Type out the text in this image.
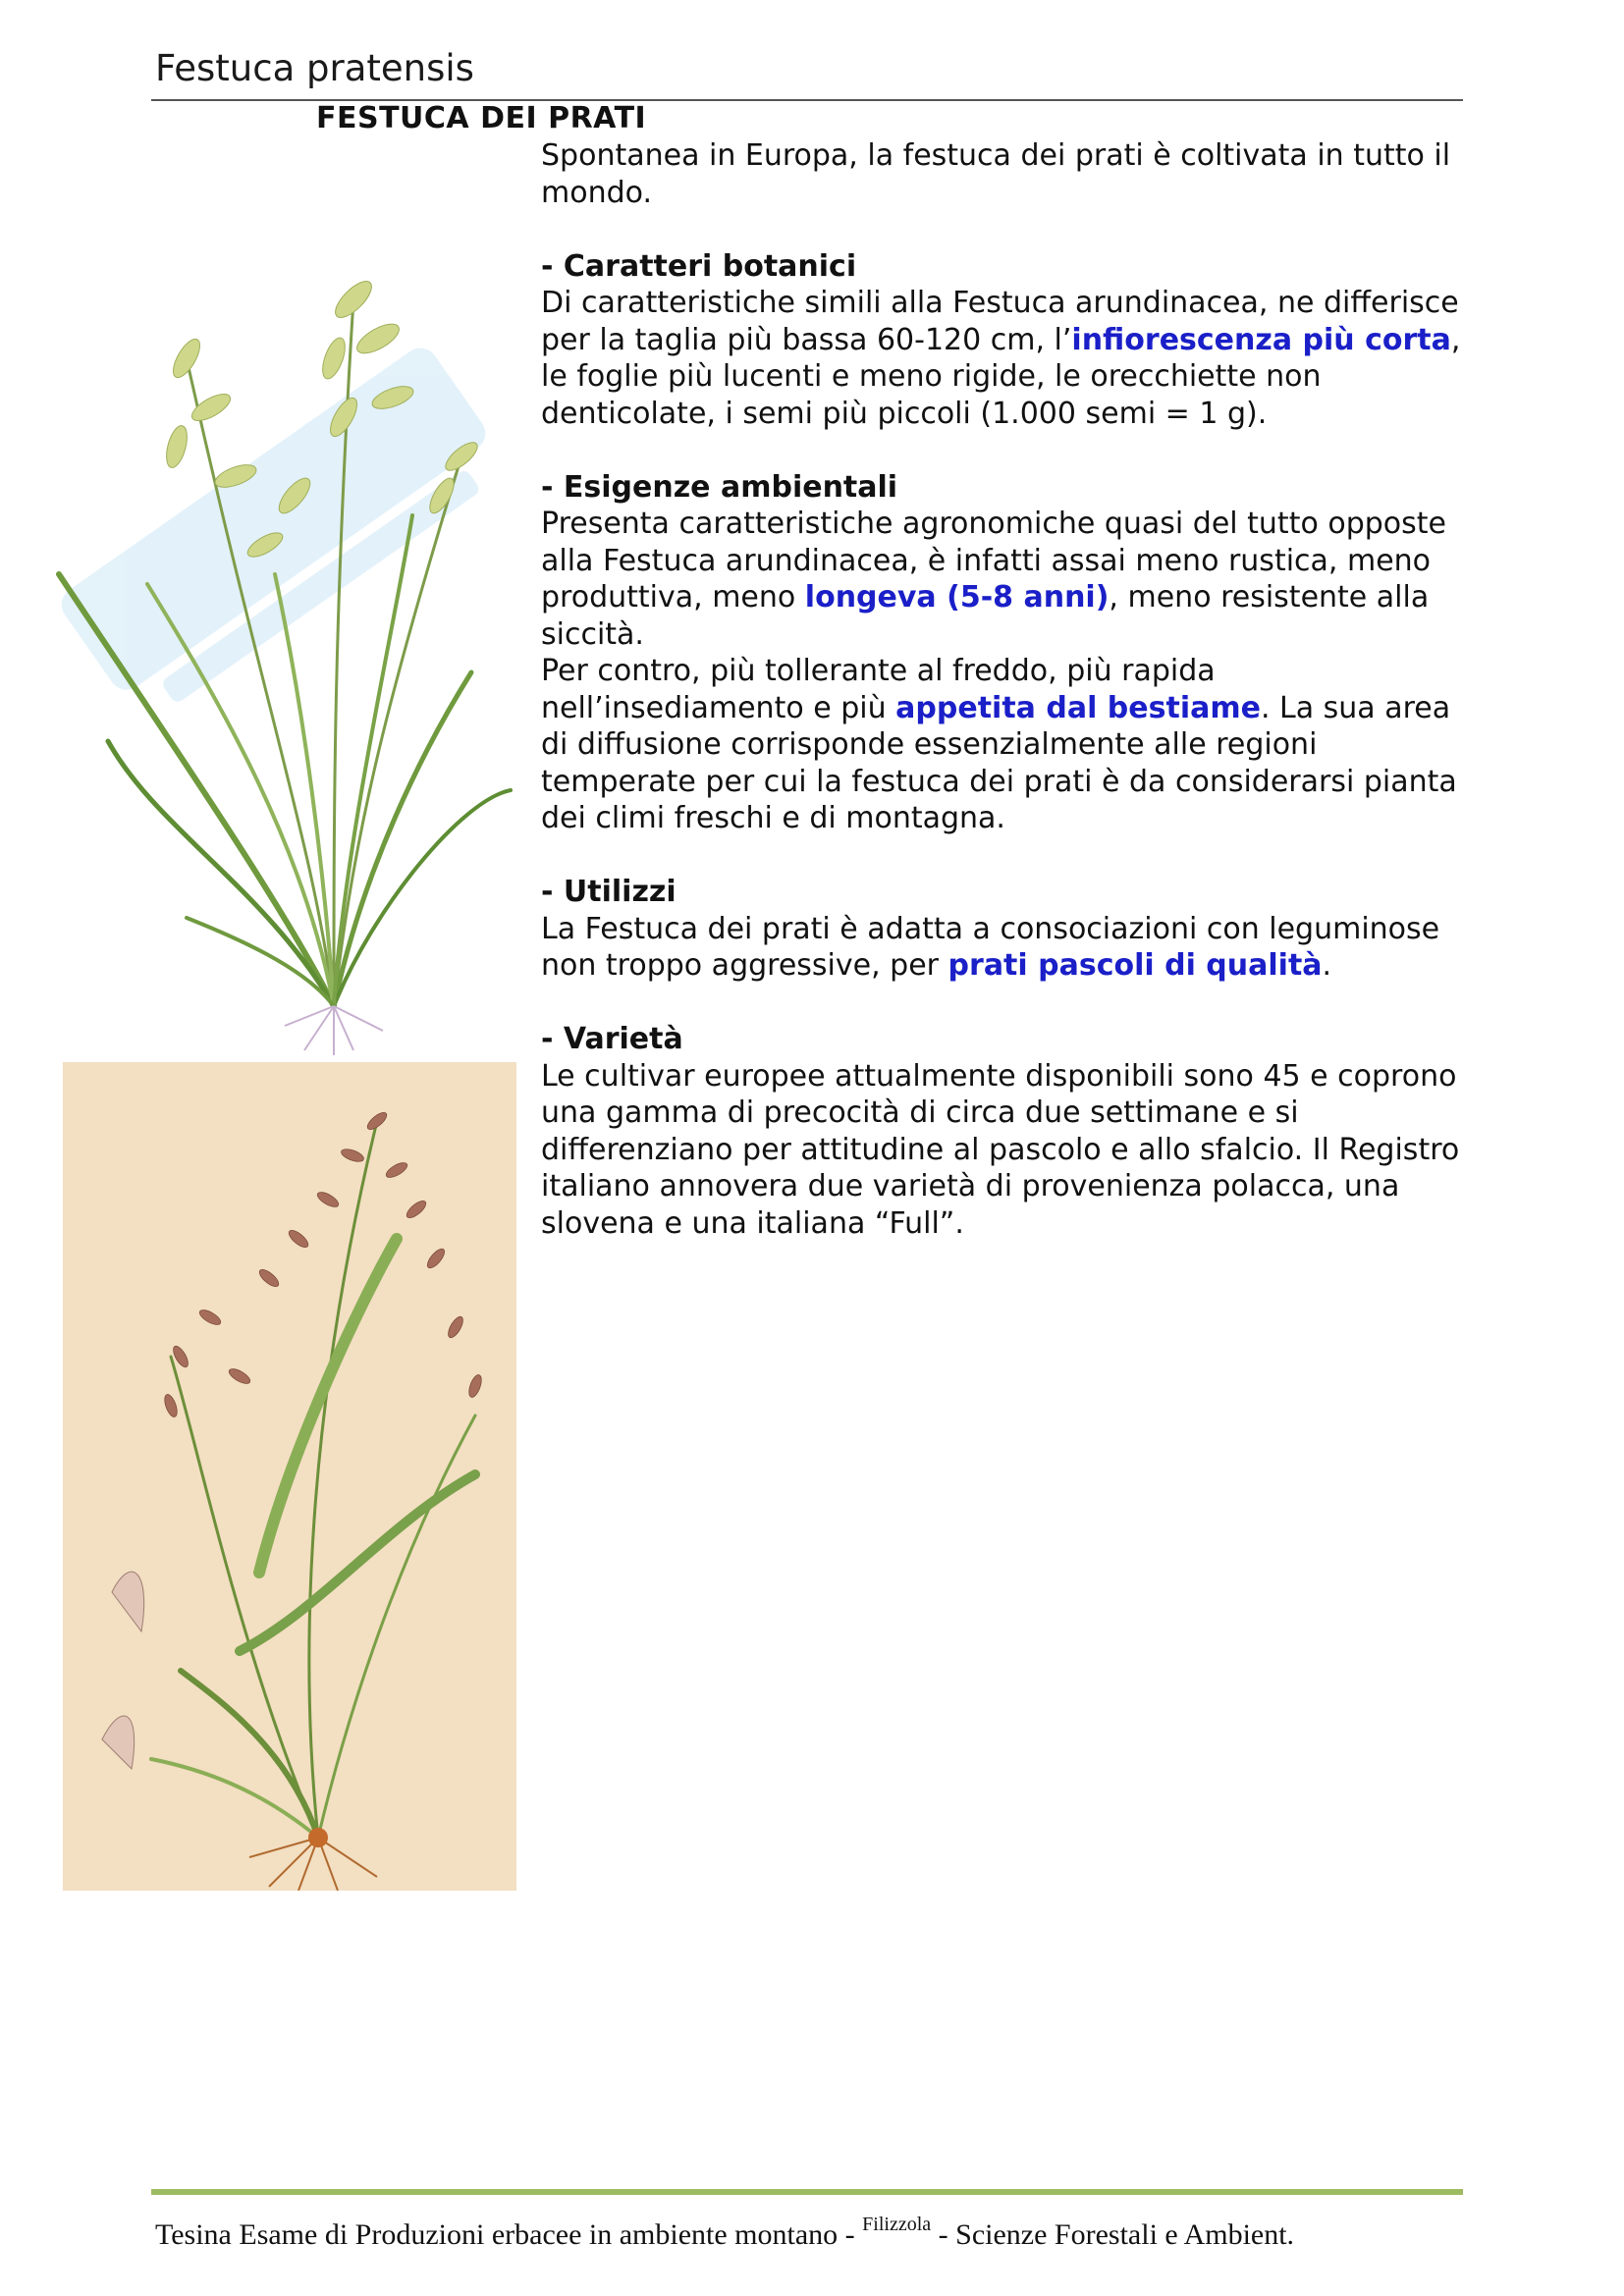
Festuca pratensis
FESTUCA DEI PRATI

Spontanea in Europa, la festuca dei prati è coltivata in tutto il mondo.

- Caratteri botanici

Di caratteristiche simili alla Festuca arundinacea, ne differisce per la taglia più bassa 60-120 cm, l’infiorescenza più corta, le foglie più lucenti e meno rigide, le orecchiette non denticolate, i semi più piccoli (1.000 semi = 1 g).

- Esigenze ambientali

Presenta caratteristiche agronomiche quasi del tutto opposte alla Festuca arundinacea, è infatti assai meno rustica, meno produttiva, meno longeva (5-8 anni), meno resistente alla siccità.

Per contro, più tollerante al freddo, più rapida nell’insediamento e più appetita dal bestiame. La sua area di diffusione corrisponde essenzialmente alle regioni temperate per cui la festuca dei prati è da considerarsi pianta dei climi freschi e di montagna.

- Utilizzi

La Festuca dei prati è adatta a consociazioni con leguminose non troppo aggressive, per prati pascoli di qualità.

- Varietà

Le cultivar europee attualmente disponibili sono 45 e coprono una gamma di precocità di circa due settimane e si differenziano per attitudine al pascolo e allo sfalcio. Il Registro italiano annovera due varietà di provenienza polacca, una slovena e una italiana “Full”.

Tesina Esame di Produzioni erbacee in ambiente montano - $^{Filizzola}$ - Scienze Forestali e Ambient.
